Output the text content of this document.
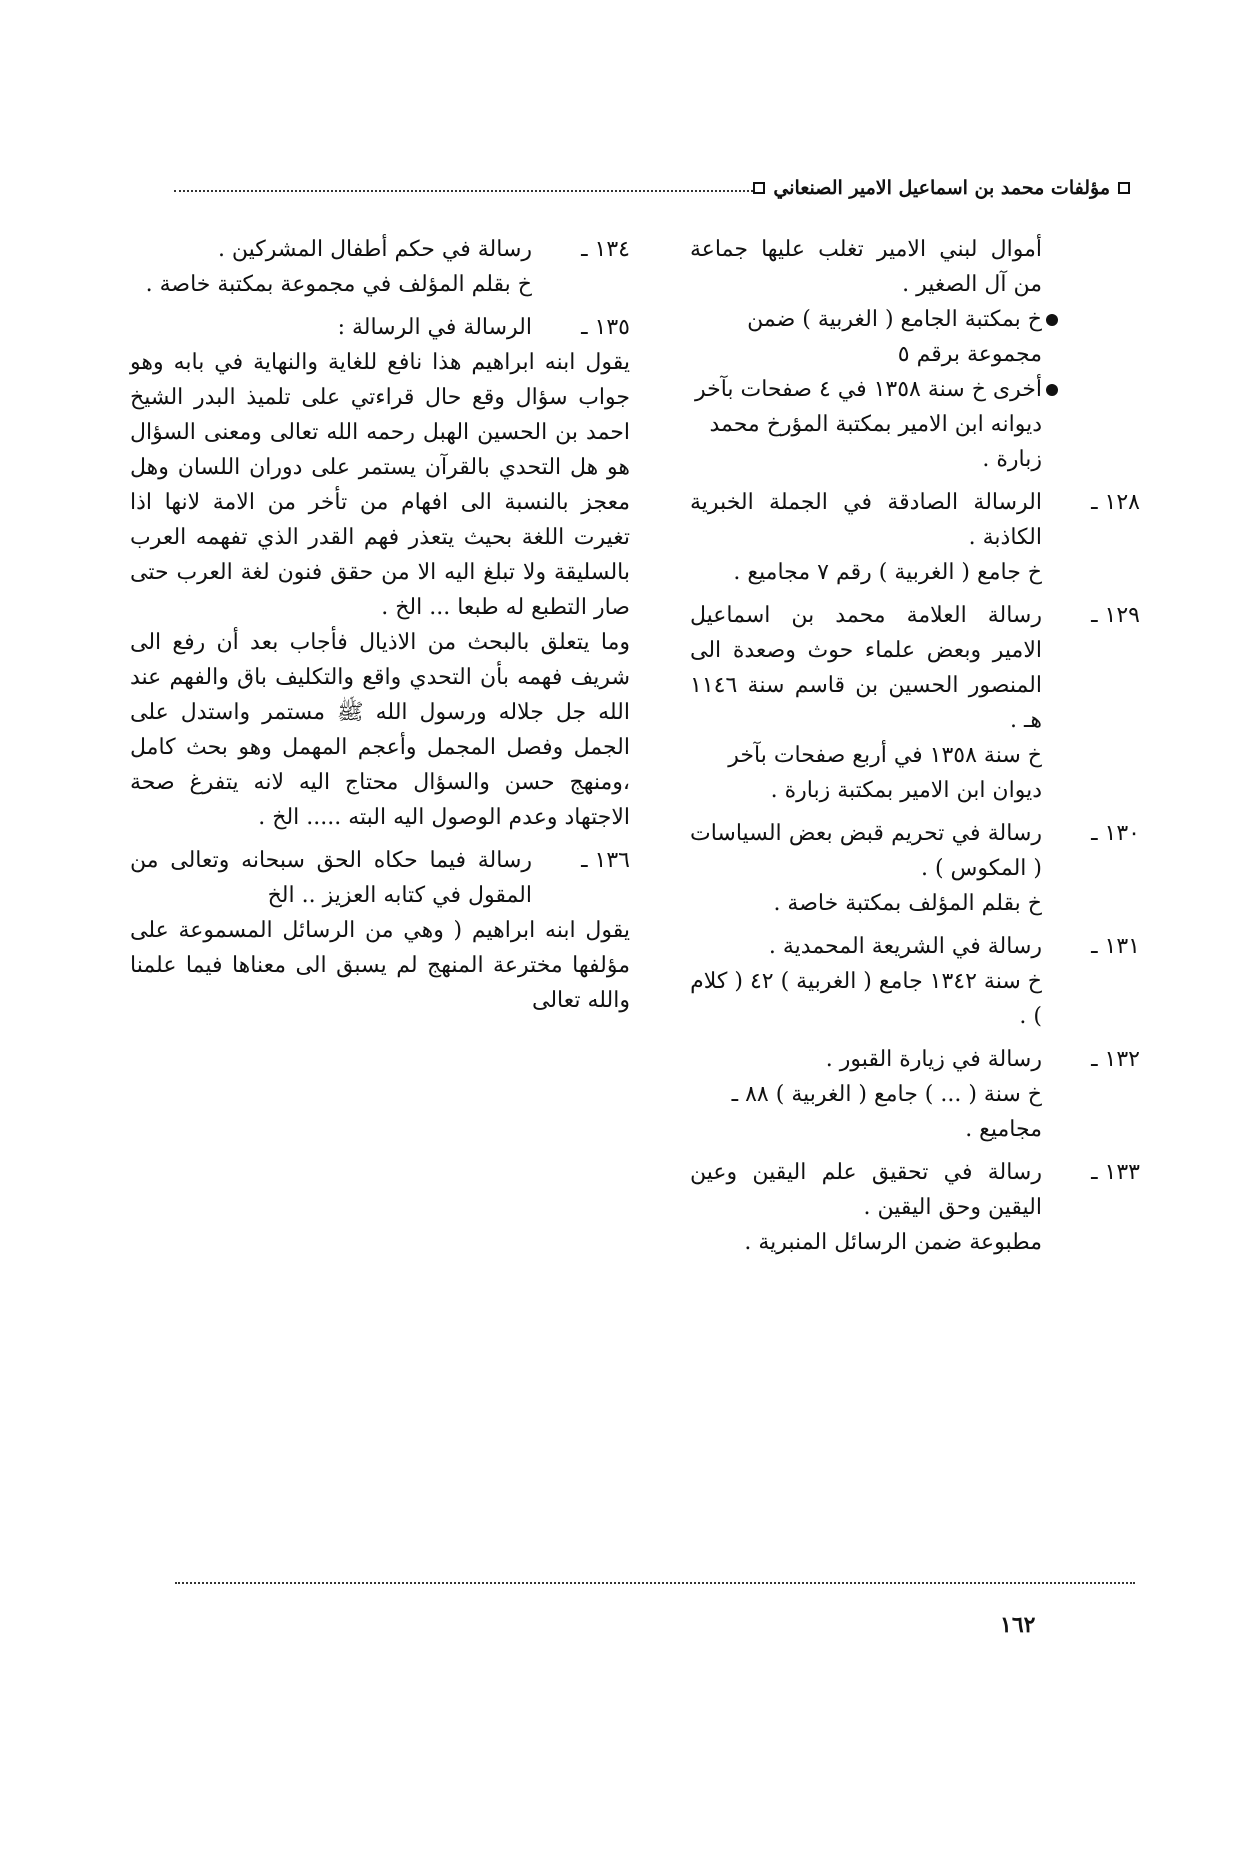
مؤلفات محمد بن اسماعيل الامير الصنعاني
أموال لبني الامير تغلب عليها جماعة من آل الصغير .
خ بمكتبة الجامع ( الغربية ) ضمن مجموعة برقم ٥
أخرى خ سنة ١٣٥٨ في ٤ صفحات بآخر ديوانه ابن الامير بمكتبة المؤرخ محمد زبارة .
١٢٨ ـ
الرسالة الصادقة في الجملة الخبرية الكاذبة .
خ جامع ( الغربية ) رقم ٧ مجاميع .
١٢٩ ـ
رسالة العلامة محمد بن اسماعيل الامير وبعض علماء حوث وصعدة الى المنصور الحسين بن قاسم سنة ١١٤٦ هـ .
خ سنة ١٣٥٨ في أربع صفحات بآخر ديوان ابن الامير بمكتبة زبارة .
١٣٠ ـ
رسالة في تحريم قبض بعض السياسات ( المكوس ) .
خ بقلم المؤلف بمكتبة خاصة .
١٣١ ـ
رسالة في الشريعة المحمدية .
خ سنة ١٣٤٢ جامع ( الغربية ) ٤٢ ( كلام ) .
١٣٢ ـ
رسالة في زيارة القبور .
خ سنة ( ... ) جامع ( الغربية ) ٨٨ ـ مجاميع .
١٣٣ ـ
رسالة في تحقيق علم اليقين وعين اليقين وحق اليقين .
مطبوعة ضمن الرسائل المنبرية .
١٣٤ ـ
رسالة في حكم أطفال المشركين .
خ بقلم المؤلف في مجموعة بمكتبة خاصة .
١٣٥ ـ
الرسالة في الرسالة :
يقول ابنه ابراهيم هذا نافع للغاية والنهاية في بابه وهو جواب سؤال وقع حال قراءتي على تلميذ البدر الشيخ احمد بن الحسين الهبل رحمه الله تعالى ومعنى السؤال هو هل التحدي بالقرآن يستمر على دوران اللسان وهل معجز بالنسبة الى افهام من تأخر من الامة لانها اذا تغيرت اللغة بحيث يتعذر فهم القدر الذي تفهمه العرب بالسليقة ولا تبلغ اليه الا من حقق فنون لغة العرب حتى صار التطبع له طبعا ... الخ .
وما يتعلق بالبحث من الاذيال فأجاب بعد أن رفع الى شريف فهمه بأن التحدي واقع والتكليف باق والفهم عند الله جل جلاله ورسول الله ﷺ مستمر واستدل على الجمل وفصل المجمل وأعجم المهمل وهو بحث كامل ،ومنهج حسن والسؤال محتاج اليه لانه يتفرغ صحة الاجتهاد وعدم الوصول اليه البته ..... الخ .
١٣٦ ـ
رسالة فيما حكاه الحق سبحانه وتعالى من المقول في كتابه العزيز .. الخ
يقول ابنه ابراهيم ( وهي من الرسائل المسموعة على مؤلفها مخترعة المنهج لم يسبق الى معناها فيما علمنا والله تعالى
١٦٢
